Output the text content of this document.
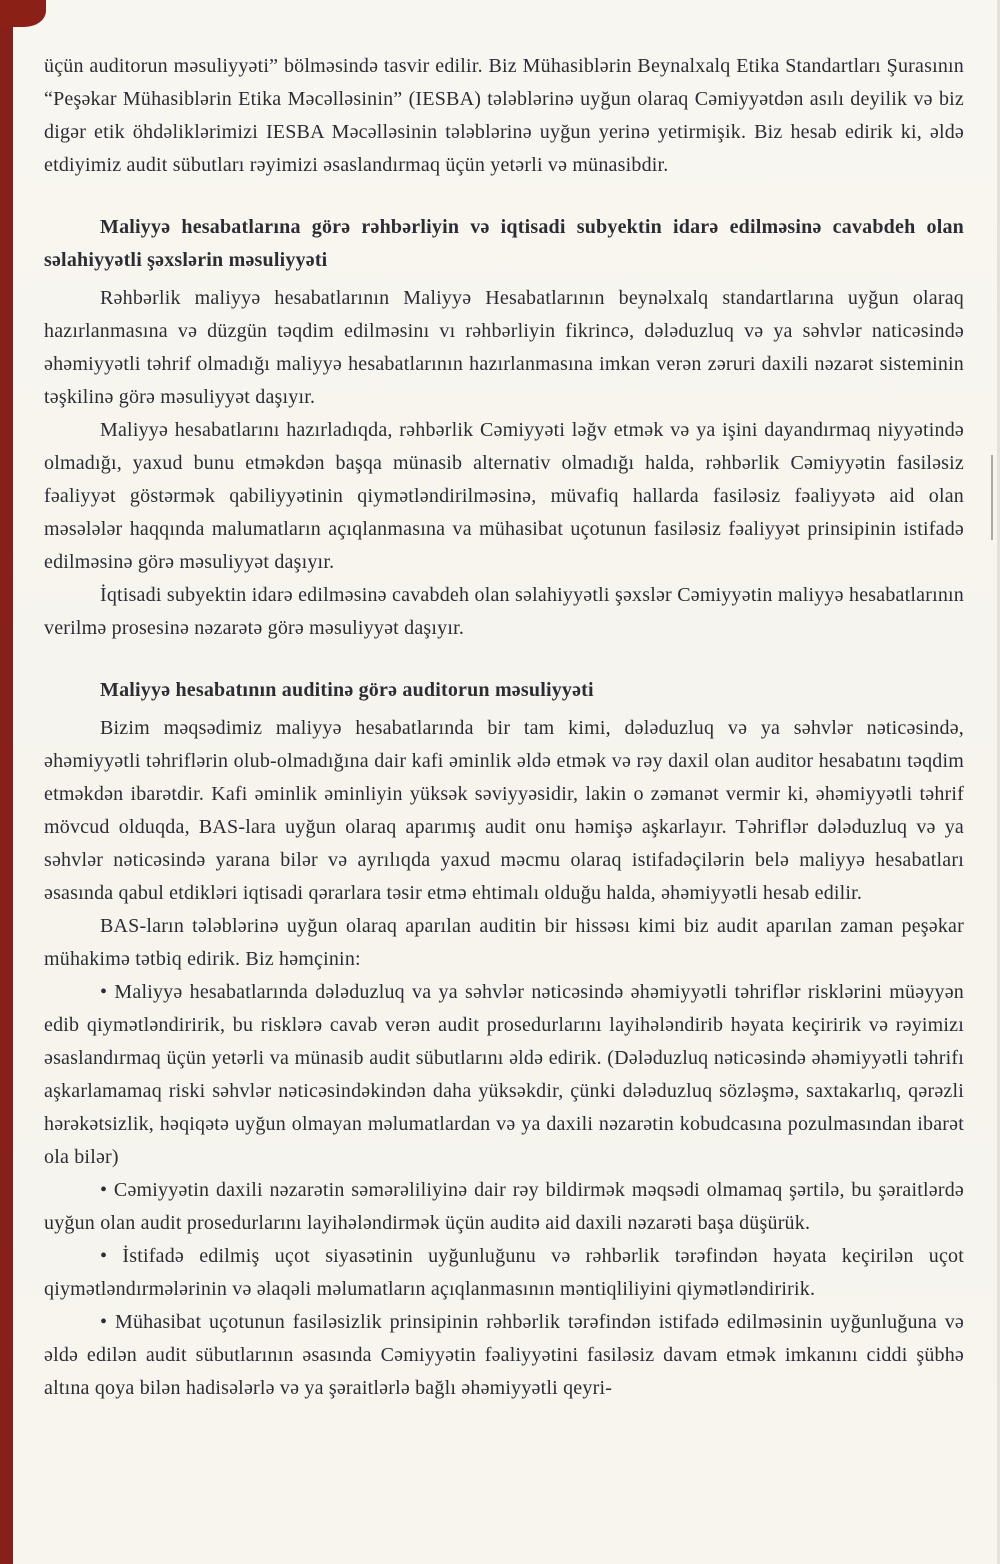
üçün auditorun məsuliyyəti” bölməsində tasvir edilir. Biz Mühasiblərin Beynalxalq Etika Standartları Şurasının “Peşəkar Mühasiblərin Etika Məcəlləsinin” (IESBA) tələblərinə uyğun olaraq Cəmiyyətdən asılı deyilik və biz digər etik öhdəliklərimizi IESBA Məcəlləsinin tələblərinə uyğun yerinə yetirmişik. Biz hesab edirik ki, əldə etdiyimiz audit sübutları rəyimizi əsaslandırmaq üçün yetərli və münasibdir.

Maliyyə hesabatlarına görə rəhbərliyin və iqtisadi subyektin idarə edilməsinə cavabdeh olan səlahiyyətli şəxslərin məsuliyyəti

Rəhbərlik maliyyə hesabatlarının Maliyyə Hesabatlarının beynəlxalq standartlarına uyğun olaraq hazırlanmasına və düzgün təqdim edilməsinı vı rəhbərliyin fikrincə, dələduzluq və ya səhvlər naticəsində əhəmiyyətli təhrif olmadığı maliyyə hesabatlarının hazırlanmasına imkan verən zəruri daxili nəzarət sisteminin təşkilinə görə məsuliyyət daşıyır.

Maliyyə hesabatlarını hazırladıqda, rəhbərlik Cəmiyyəti ləğv etmək və ya işini dayandırmaq niyyətində olmadığı, yaxud bunu etməkdən başqa münasib alternativ olmadığı halda, rəhbərlik Cəmiyyətin fasiləsiz fəaliyyət göstərmək qabiliyyətinin qiymətləndirilməsinə, müvafiq hallarda fasiləsiz fəaliyyətə aid olan məsələlər haqqında malumatların açıqlanmasına va mühasibat uçotunun fasiləsiz fəaliyyət prinsipinin istifadə edilməsinə görə məsuliyyət daşıyır.

İqtisadi subyektin idarə edilməsinə cavabdeh olan səlahiyyətli şəxslər Cəmiyyətin maliyyə hesabatlarının verilmə prosesinə nəzarətə görə məsuliyyət daşıyır.

Maliyyə hesabatının auditinə görə auditorun məsuliyyəti

Bizim məqsədimiz maliyyə hesabatlarında bir tam kimi, dələduzluq və ya səhvlər nəticəsində, əhəmiyyətli təhriflərin olub-olmadığına dair kafi əminlik əldə etmək və rəy daxil olan auditor hesabatını təqdim etməkdən ibarətdir. Kafi əminlik əminliyin yüksək səviyyəsidir, lakin o zəmanət vermir ki, əhəmiyyətli təhrif mövcud olduqda, BAS-lara uyğun olaraq aparımış audit onu həmişə aşkarlayır. Təhriflər dələduzluq və ya səhvlər nəticəsində yarana bilər və ayrılıqda yaxud məcmu olaraq istifadəçilərin belə maliyyə hesabatları əsasında qabul etdikləri iqtisadi qərarlara təsir etmə ehtimalı olduğu halda, əhəmiyyətli hesab edilir.

BAS-ların tələblərinə uyğun olaraq aparılan auditin bir hissəsı kimi biz audit aparılan zaman peşəkar mühakimə tətbiq edirik. Biz həmçinin:

• Maliyyə hesabatlarında dələduzluq va ya səhvlər nəticəsində əhəmiyyətli təhriflər risklərini müəyyən edib qiymətləndiririk, bu risklərə cavab verən audit prosedurlarını layihələndirib həyata keçiririk və rəyimizı əsaslandırmaq üçün yetərli va münasib audit sübutlarını əldə edirik. (Dələduzluq nəticəsində əhəmiyyətli təhrifı aşkarlamamaq riski səhvlər nəticəsindəkindən daha yüksəkdir, çünki dələduzluq sözləşmə, saxtakarlıq, qərəzli hərəkətsizlik, həqiqətə uyğun olmayan məlumatlardan və ya daxili nəzarətin kobudcasına pozulmasından ibarət ola bilər)

• Cəmiyyətin daxili nəzarətin səmərəliliyinə dair rəy bildirmək məqsədi olmamaq şərtilə, bu şəraitlərdə uyğun olan audit prosedurlarını layihələndirmək üçün auditə aid daxili nəzarəti başa düşürük.

• İstifadə edilmiş uçot siyasətinin uyğunluğunu və rəhbərlik tərəfindən həyata keçirilən uçot qiymətləndırmələrinin və əlaqəli məlumatların açıqlanmasının məntiqliliyini qiymətləndiririk.

• Mühasibat uçotunun fasiləsizlik prinsipinin rəhbərlik tərəfindən istifadə edilməsinin uyğunluğuna və əldə edilən audit sübutlarının əsasında Cəmiyyətin fəaliyyətini fasiləsiz davam etmək imkanını ciddi şübhə altına qoya bilən hadisələrlə və ya şəraitlərlə bağlı əhəmiyyətli qeyri-
